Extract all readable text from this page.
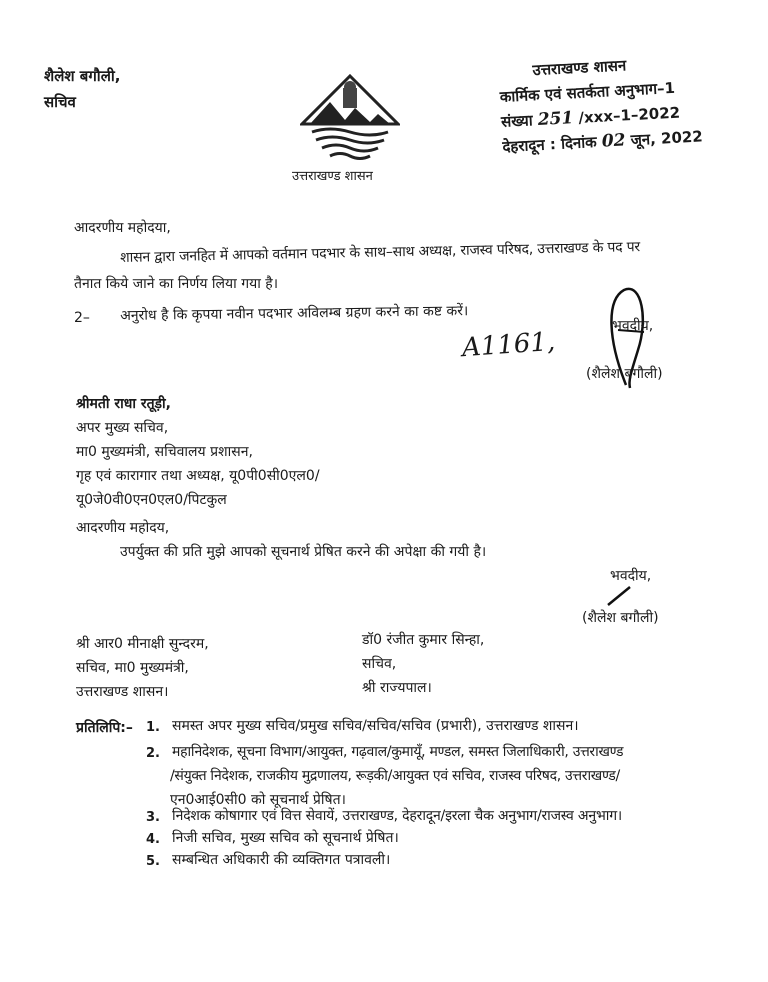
शैलेश बगौली,
सचिव
उत्तराखण्ड शासन
उत्तराखण्ड शासन
कार्मिक एवं सतर्कता अनुभाग–1
संख्या 251 /xxx–1–2022
देहरादून : दिनांक 02 जून, 2022
आदरणीय महोदया,
शासन द्वारा जनहित में आपको वर्तमान पदभार के साथ–साथ अध्यक्ष, राजस्व परिषद, उत्तराखण्ड के पद पर
तैनात किये जाने का निर्णय लिया गया है।
2– अनुरोध है कि कृपया नवीन पदभार अविलम्ब ग्रहण करने का कष्ट करें।
A1161,
भवदीय,
(शैलेश बगौली)
श्रीमती राधा रतूड़ी,
अपर मुख्य सचिव,
मा0 मुख्यमंत्री, सचिवालय प्रशासन,
गृह एवं कारागार तथा अध्यक्ष, यू0पी0सी0एल0/
यू0जे0वी0एन0एल0/पिटकुल
आदरणीय महोदय,
उपर्युक्त की प्रति मुझे आपको सूचनार्थ प्रेषित करने की अपेक्षा की गयी है।
भवदीय,
(शैलेश बगौली)
श्री आर0 मीनाक्षी सुन्दरम,
सचिव, मा0 मुख्यमंत्री,
उत्तराखण्ड शासन।
डॉ0 रंजीत कुमार सिन्हा,
सचिव,
श्री राज्यपाल।
प्रतिलिपि:– 1. समस्त अपर मुख्य सचिव/प्रमुख सचिव/सचिव/सचिव (प्रभारी), उत्तराखण्ड शासन।
2. महानिदेशक, सूचना विभाग/आयुक्त, गढ़वाल/कुमायूँ, मण्डल, समस्त जिलाधिकारी, उत्तराखण्ड
/संयुक्त निदेशक, राजकीय मुद्रणालय, रूड़की/आयुक्त एवं सचिव, राजस्व परिषद, उत्तराखण्ड/
एन0आई0सी0 को सूचनार्थ प्रेषित।
3. निदेशक कोषागार एवं वित्त सेवायें, उत्तराखण्ड, देहरादून/इरला चैक अनुभाग/राजस्व अनुभाग।
4. निजी सचिव, मुख्य सचिव को सूचनार्थ प्रेषित।
5. सम्बन्धित अधिकारी की व्यक्तिगत पत्रावली।
